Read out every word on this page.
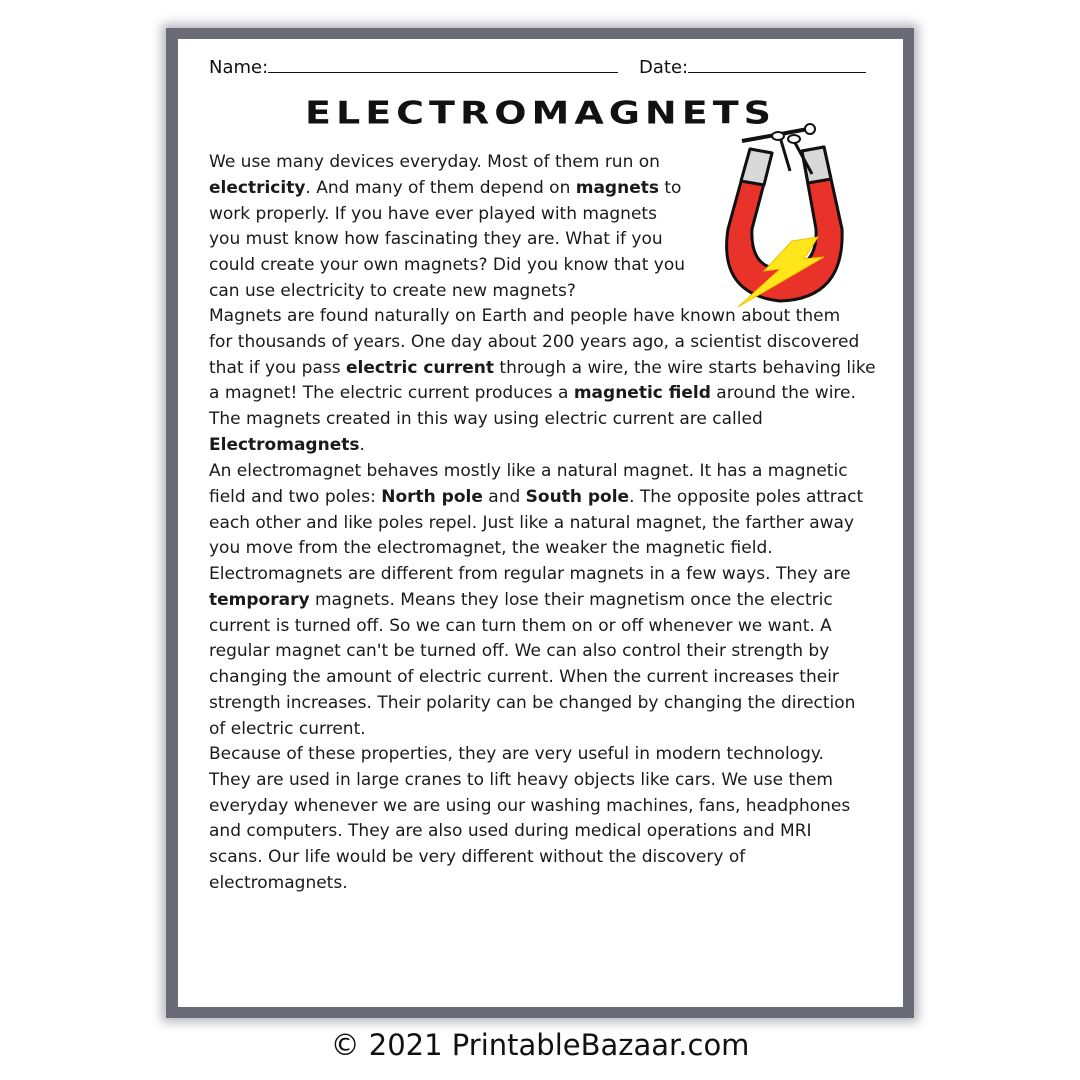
Name:	Date:
ELECTROMAGNETS
We use many devices everyday. Most of them run on
electricity. And many of them depend on magnets to
work properly. If you have ever played with magnets
you must know how fascinating they are. What if you
could create your own magnets? Did you know that you
can use electricity to create new magnets?
Magnets are found naturally on Earth and people have known about them
for thousands of years. One day about 200 years ago, a scientist discovered
that if you pass electric current through a wire, the wire starts behaving like
a magnet! The electric current produces a magnetic field around the wire.
The magnets created in this way using electric current are called
Electromagnets.
An electromagnet behaves mostly like a natural magnet. It has a magnetic
field and two poles: North pole and South pole. The opposite poles attract
each other and like poles repel. Just like a natural magnet, the farther away
you move from the electromagnet, the weaker the magnetic field.
Electromagnets are different from regular magnets in a few ways. They are
temporary magnets. Means they lose their magnetism once the electric
current is turned off. So we can turn them on or off whenever we want. A
regular magnet can't be turned off. We can also control their strength by
changing the amount of electric current. When the current increases their
strength increases. Their polarity can be changed by changing the direction
of electric current.
Because of these properties, they are very useful in modern technology.
They are used in large cranes to lift heavy objects like cars. We use them
everyday whenever we are using our washing machines, fans, headphones
and computers. They are also used during medical operations and MRI
scans. Our life would be very different without the discovery of
electromagnets.
© 2021 PrintableBazaar.com
